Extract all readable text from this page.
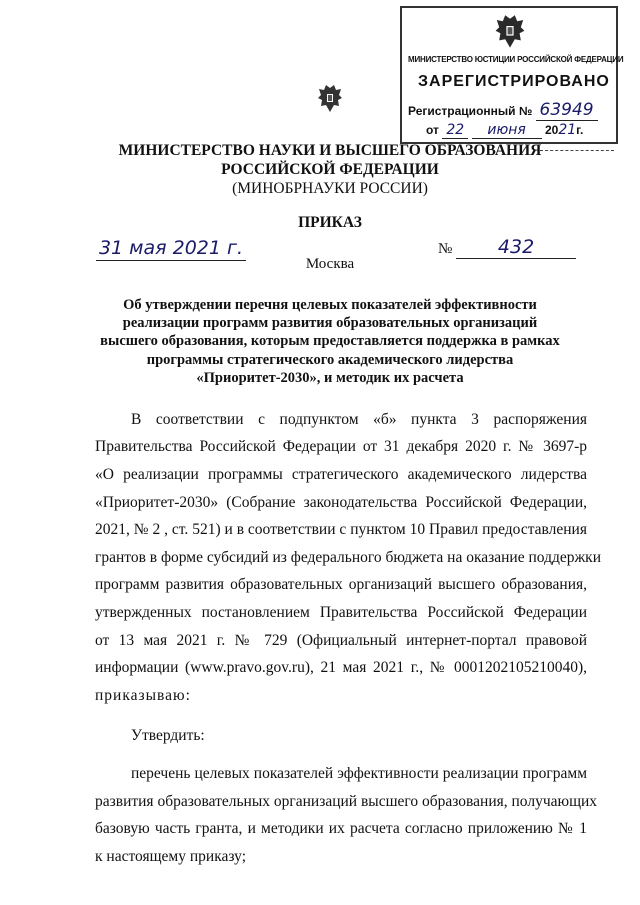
МИНИСТЕРСТВО ЮСТИЦИИ РОССИЙСКОЙ ФЕДЕРАЦИИ
ЗАРЕГИСТРИРОВАНО
Регистрационный № 63949
от 22 июня 2021г.
МИНИСТЕРСТВО НАУКИ И ВЫСШЕГО ОБРАЗОВАНИЯ
РОССИЙСКОЙ ФЕДЕРАЦИИ
(МИНОБРНАУКИ РОССИИ)
ПРИКАЗ
31 мая 2021 г.	№ 432
Москва
Об утверждении перечня целевых показателей эффективности
реализации программ развития образовательных организаций
высшего образования, которым предоставляется поддержка в рамках
программы стратегического академического лидерства
«Приоритет-2030», и методик их расчета
В соответствии с подпунктом «б» пункта 3 распоряжения
Правительства Российской Федерации от 31 декабря 2020 г. № 3697-р
«О реализации программы стратегического академического лидерства
«Приоритет-2030» (Собрание законодательства Российской Федерации,
2021, № 2 , ст. 521) и в соответствии с пунктом 10 Правил предоставления
грантов в форме субсидий из федерального бюджета на оказание поддержки
программ развития образовательных организаций высшего образования,
утвержденных постановлением Правительства Российской Федерации
от 13 мая 2021 г. № 729 (Официальный интернет-портал правовой
информации (www.pravo.gov.ru), 21 мая 2021 г., № 0001202105210040),
приказываю:
Утвердить:
перечень целевых показателей эффективности реализации программ
развития образовательных организаций высшего образования, получающих
базовую часть гранта, и методики их расчета согласно приложению № 1
к настоящему приказу;
